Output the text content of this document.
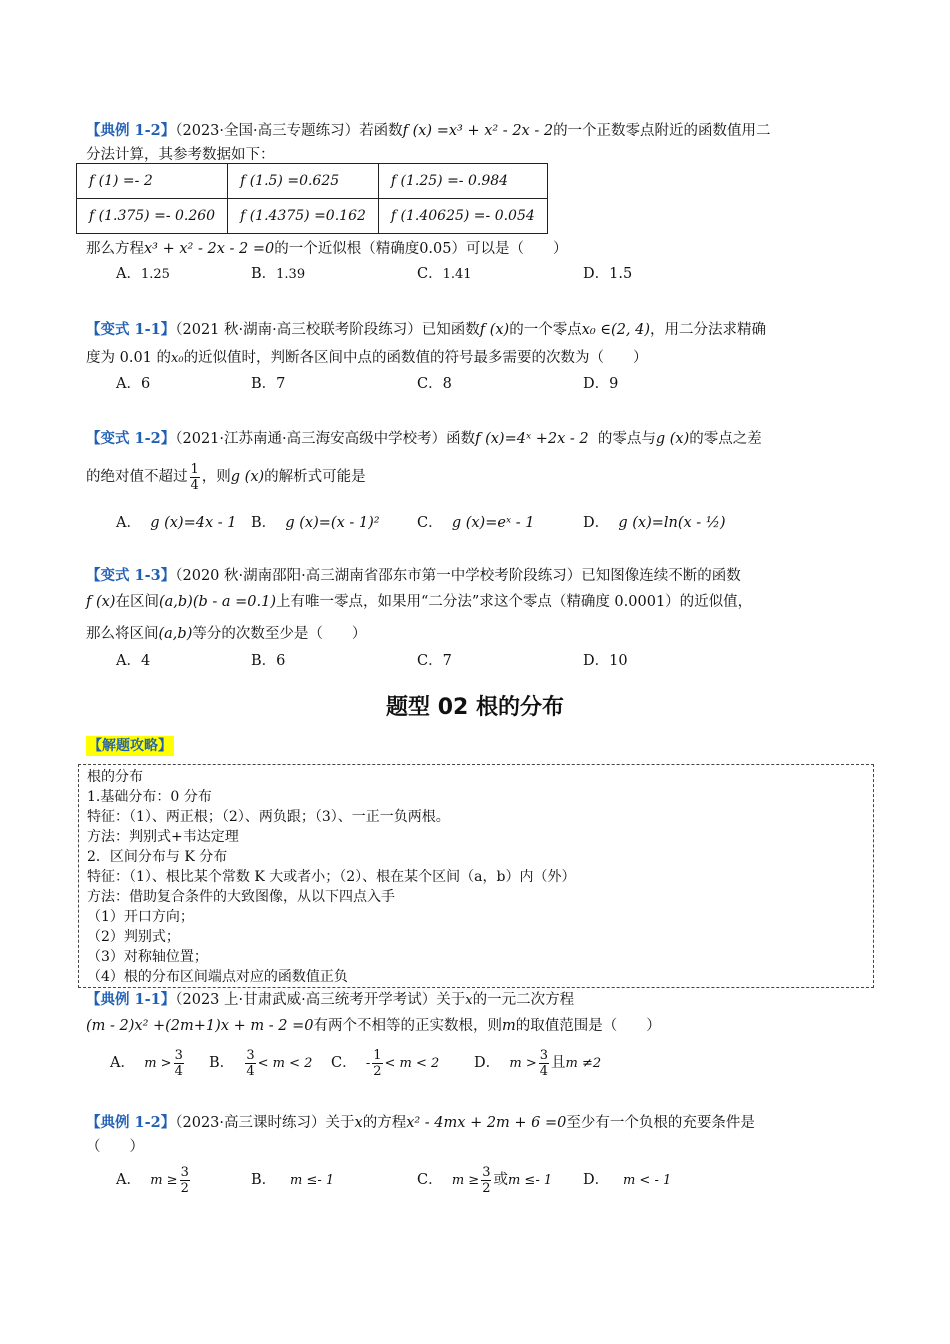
【典例 1-2】（2023·全国·高三专题练习）若函数f (x) =x³ + x² - 2x - 2的一个正数零点附近的函数值用二
分法计算，其参考数据如下：
f (1) =- 2	f (1.5) =0.625	f (1.25) =- 0.984
f (1.375) =- 0.260	f (1.4375) =0.162	f (1.40625) =- 0.054
那么方程x³ + x² - 2x - 2 =0的一个近似根（精确度0.05）可以是（　　）
A．1.25	B．1.39	C．1.41	D．1.5
【变式 1-1】（2021 秋·湖南·高三校联考阶段练习）已知函数f (x)的一个零点x₀ ∈(2, 4)，用二分法求精确
度为 0.01 的x₀的近似值时，判断各区间中点的函数值的符号最多需要的次数为（　　）
A．6	B．7	C．8	D．9
【变式 1-2】（2021·江苏南通·高三海安高级中学校考）函数f (x)=4ˣ +2x - 2 的零点与g (x)的零点之差
的绝对值不超过 $\frac{1}{4}$ ，则g (x)的解析式可能是
A． g (x)=4x - 1 B． g (x)=(x - 1)²	C． g (x)=eˣ - 1	D． g (x)=ln(x - ½)
【变式 1-3】（2020 秋·湖南邵阳·高三湖南省邵东市第一中学校考阶段练习）已知图像连续不断的函数
f (x)在区间(a,b)(b - a =0.1)上有唯一零点，如果用“二分法”求这个零点（精确度 0.0001）的近似值，
那么将区间(a,b)等分的次数至少是（　　）
A．4	B．6	C．7	D．10
题型 02 根的分布
【解题攻略】
根的分布
1.基础分布：0 分布
特征：（1）、两正根；（2）、两负跟；（3）、一正一负两根。
方法：判别式+韦达定理
2．区间分布与 K 分布
特征：（1）、根比某个常数 K 大或者小；（2）、根在某个区间（a，b）内（外）
方法：借助复合条件的大致图像，从以下四点入手
（1）开口方向；
（2）判别式；
（3）对称轴位置；
（4）根的分布区间端点对应的函数值正负
【典例 1-1】（2023 上·甘肃武威·高三统考开学考试）关于x的一元二次方程
(m - 2)x² +(2m+1)x + m - 2 =0有两个不相等的正实数根，则m的取值范围是（　　）
A． $m > \frac{3}{4}$ B． $\frac{3}{4} < m < 2$ C． - $\frac{1}{2} < m < 2$ D． $m > \frac{3}{4}$ 且m ≠2
【典例 1-2】（2023·高三课时练习）关于x的方程x² - 4mx + 2m + 6 =0至少有一个负根的充要条件是
（　　）
A． $m \ge \frac{3}{2}$	B． m ≤- 1	C． $m \ge \frac{3}{2}$ 或m ≤- 1 D． m < - 1
